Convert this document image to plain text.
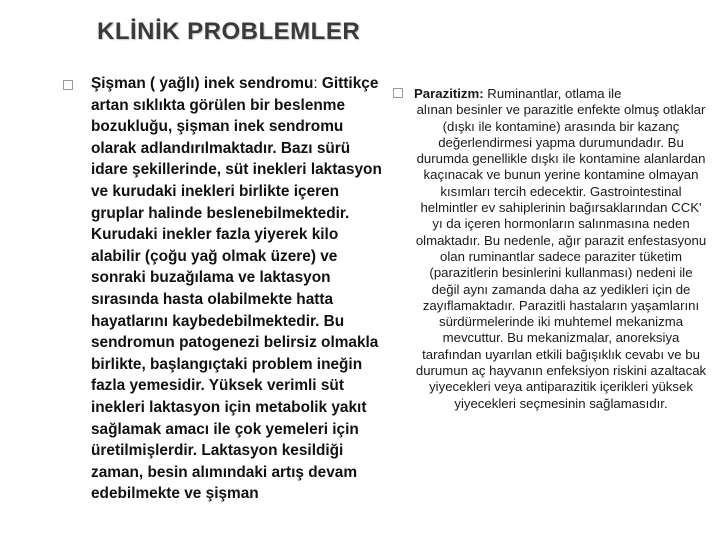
KLİNİK PROBLEMLER
Şişman ( yağlı) inek sendromu: Gittikçe artan sıklıkta görülen bir beslenme bozukluğu, şişman inek sendromu olarak adlandırılmaktadır. Bazı sürü idare şekillerinde, süt inekleri laktasyon ve kurudaki inekleri birlikte içeren gruplar halinde beslenebilmektedir. Kurudaki inekler fazla yiyerek kilo alabilir (çoğu yağ olmak üzere) ve sonraki buzağılama ve laktasyon sırasında hasta olabilmekte hatta hayatlarını kaybedebilmektedir. Bu sendromun patogenezi belirsiz olmakla birlikte, başlangıçtaki problem ineğin fazla yemesidir. Yüksek verimli süt inekleri laktasyon için metabolik yakıt sağlamak amacı ile çok yemeleri için üretilmişlerdir. Laktasyon kesildiği zaman, besin alımındaki artış devam edebilmekte ve şişman
Parazitizm: Ruminantlar, otlama ile
alınan besinler ve parazitle enfekte olmuş otlaklar (dışkı ile kontamine) arasında bir kazanç değerlendirmesi yapma durumundadır. Bu durumda genellikle dışkı ile kontamine alanlardan kaçınacak ve bunun yerine kontamine olmayan kısımları tercih edecektir. Gastrointestinal helmintler ev sahiplerinin bağırsaklarından CCK' yı da içeren hormonların salınmasına neden olmaktadır. Bu nedenle, ağır parazit enfestasyonu olan ruminantlar sadece paraziter tüketim (parazitlerin besinlerini kullanması) nedeni ile değil aynı zamanda daha az yedikleri için de zayıflamaktadır. Parazitli hastaların yaşamlarını sürdürmelerinde iki muhtemel mekanizma mevcuttur. Bu mekanizmalar, anoreksiya tarafından uyarılan etkili bağışıklık cevabı ve bu durumun aç hayvanın enfeksiyon riskini azaltacak yiyecekleri veya antiparazitik içerikleri yüksek yiyecekleri seçmesinin sağlamasıdır.
